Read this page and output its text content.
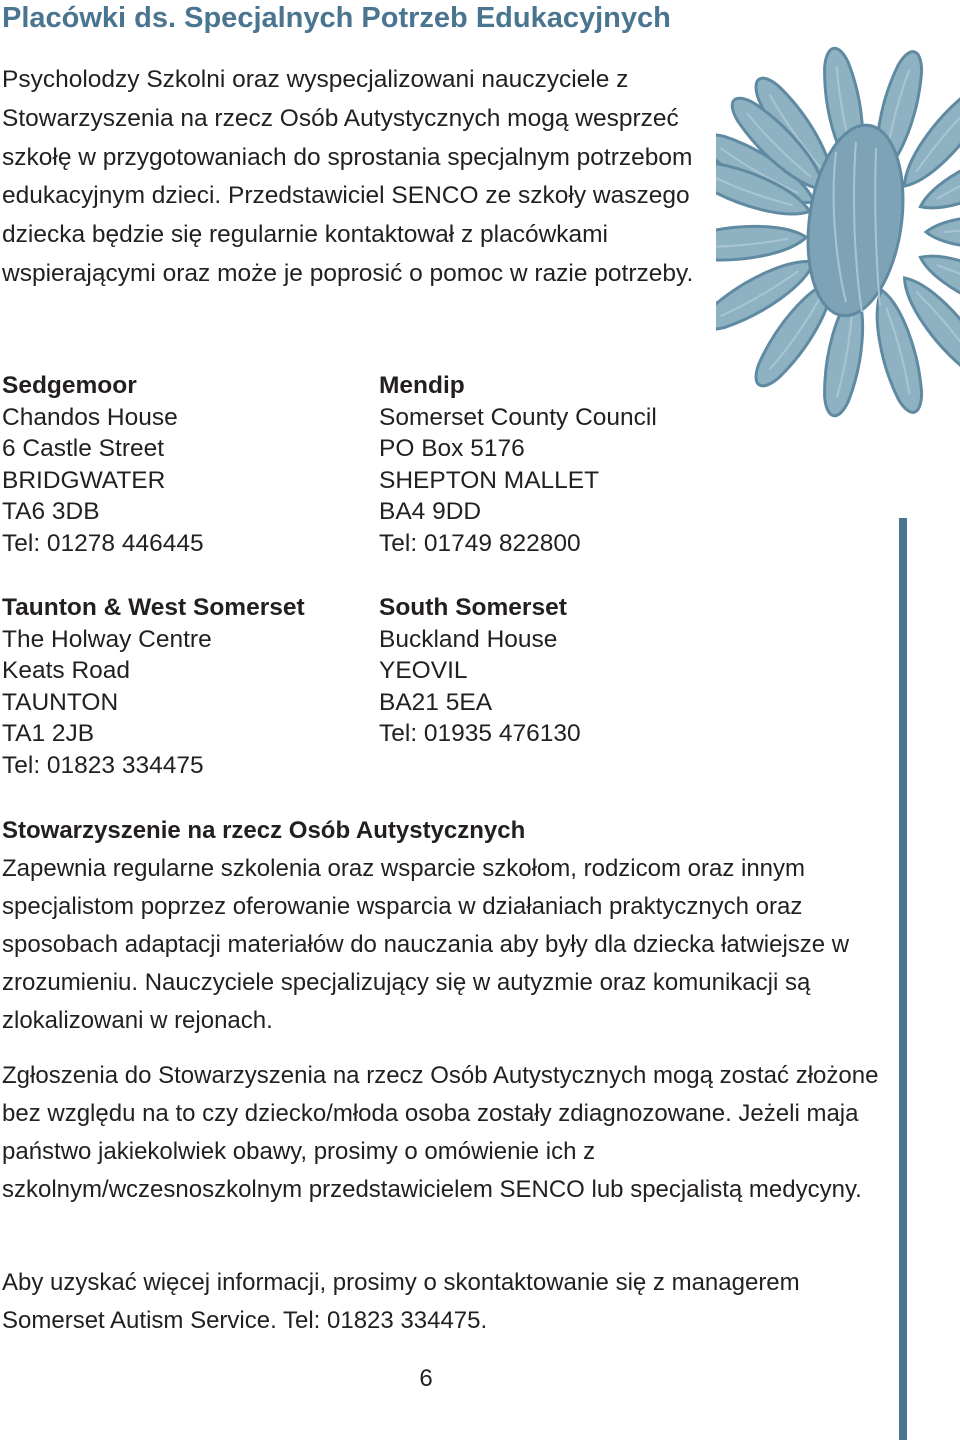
Placówki ds. Specjalnych Potrzeb Edukacyjnych

Psycholodzy Szkolni oraz wyspecjalizowani nauczyciele z Stowarzyszenia na rzecz Osób Autystycznych mogą wesprzeć szkołę w przygotowaniach do sprostania specjalnym potrzebom edukacyjnym dzieci. Przedstawiciel SENCO ze szkoły waszego dziecka będzie się regularnie kontaktował z placówkami wspierającymi oraz może je poprosić o pomoc w razie potrzeby.

Sedgemoor
Chandos House
6 Castle Street
BRIDGWATER
TA6 3DB
Tel: 01278 446445
Mendip
Somerset County Council
PO Box 5176
SHEPTON MALLET
BA4 9DD
Tel: 01749 822800
Taunton & West Somerset
The Holway Centre
Keats Road
TAUNTON
TA1 2JB
Tel: 01823 334475
South Somerset
Buckland House
YEOVIL
BA21 5EA
Tel: 01935 476130
Stowarzyszenie na rzecz Osób Autystycznych

Zapewnia regularne szkolenia oraz wsparcie szkołom, rodzicom oraz innym specjalistom poprzez oferowanie wsparcia w działaniach praktycznych oraz sposobach adaptacji materiałów do nauczania aby były dla dziecka łatwiejsze w zrozumieniu. Nauczyciele specjalizujący się w autyzmie oraz komunikacji są zlokalizowani w rejonach.

Zgłoszenia do Stowarzyszenia na rzecz Osób Autystycznych mogą zostać złożone bez względu na to czy dziecko/młoda osoba zostały zdiagnozowane. Jeżeli maja państwo jakiekolwiek obawy, prosimy o omówienie ich z szkolnym/wczesnoszkolnym przedstawicielem SENCO lub specjalistą medycyny.

Aby uzyskać więcej informacji, prosimy o skontaktowanie się z managerem Somerset Autism Service. Tel: 01823 334475.

6
